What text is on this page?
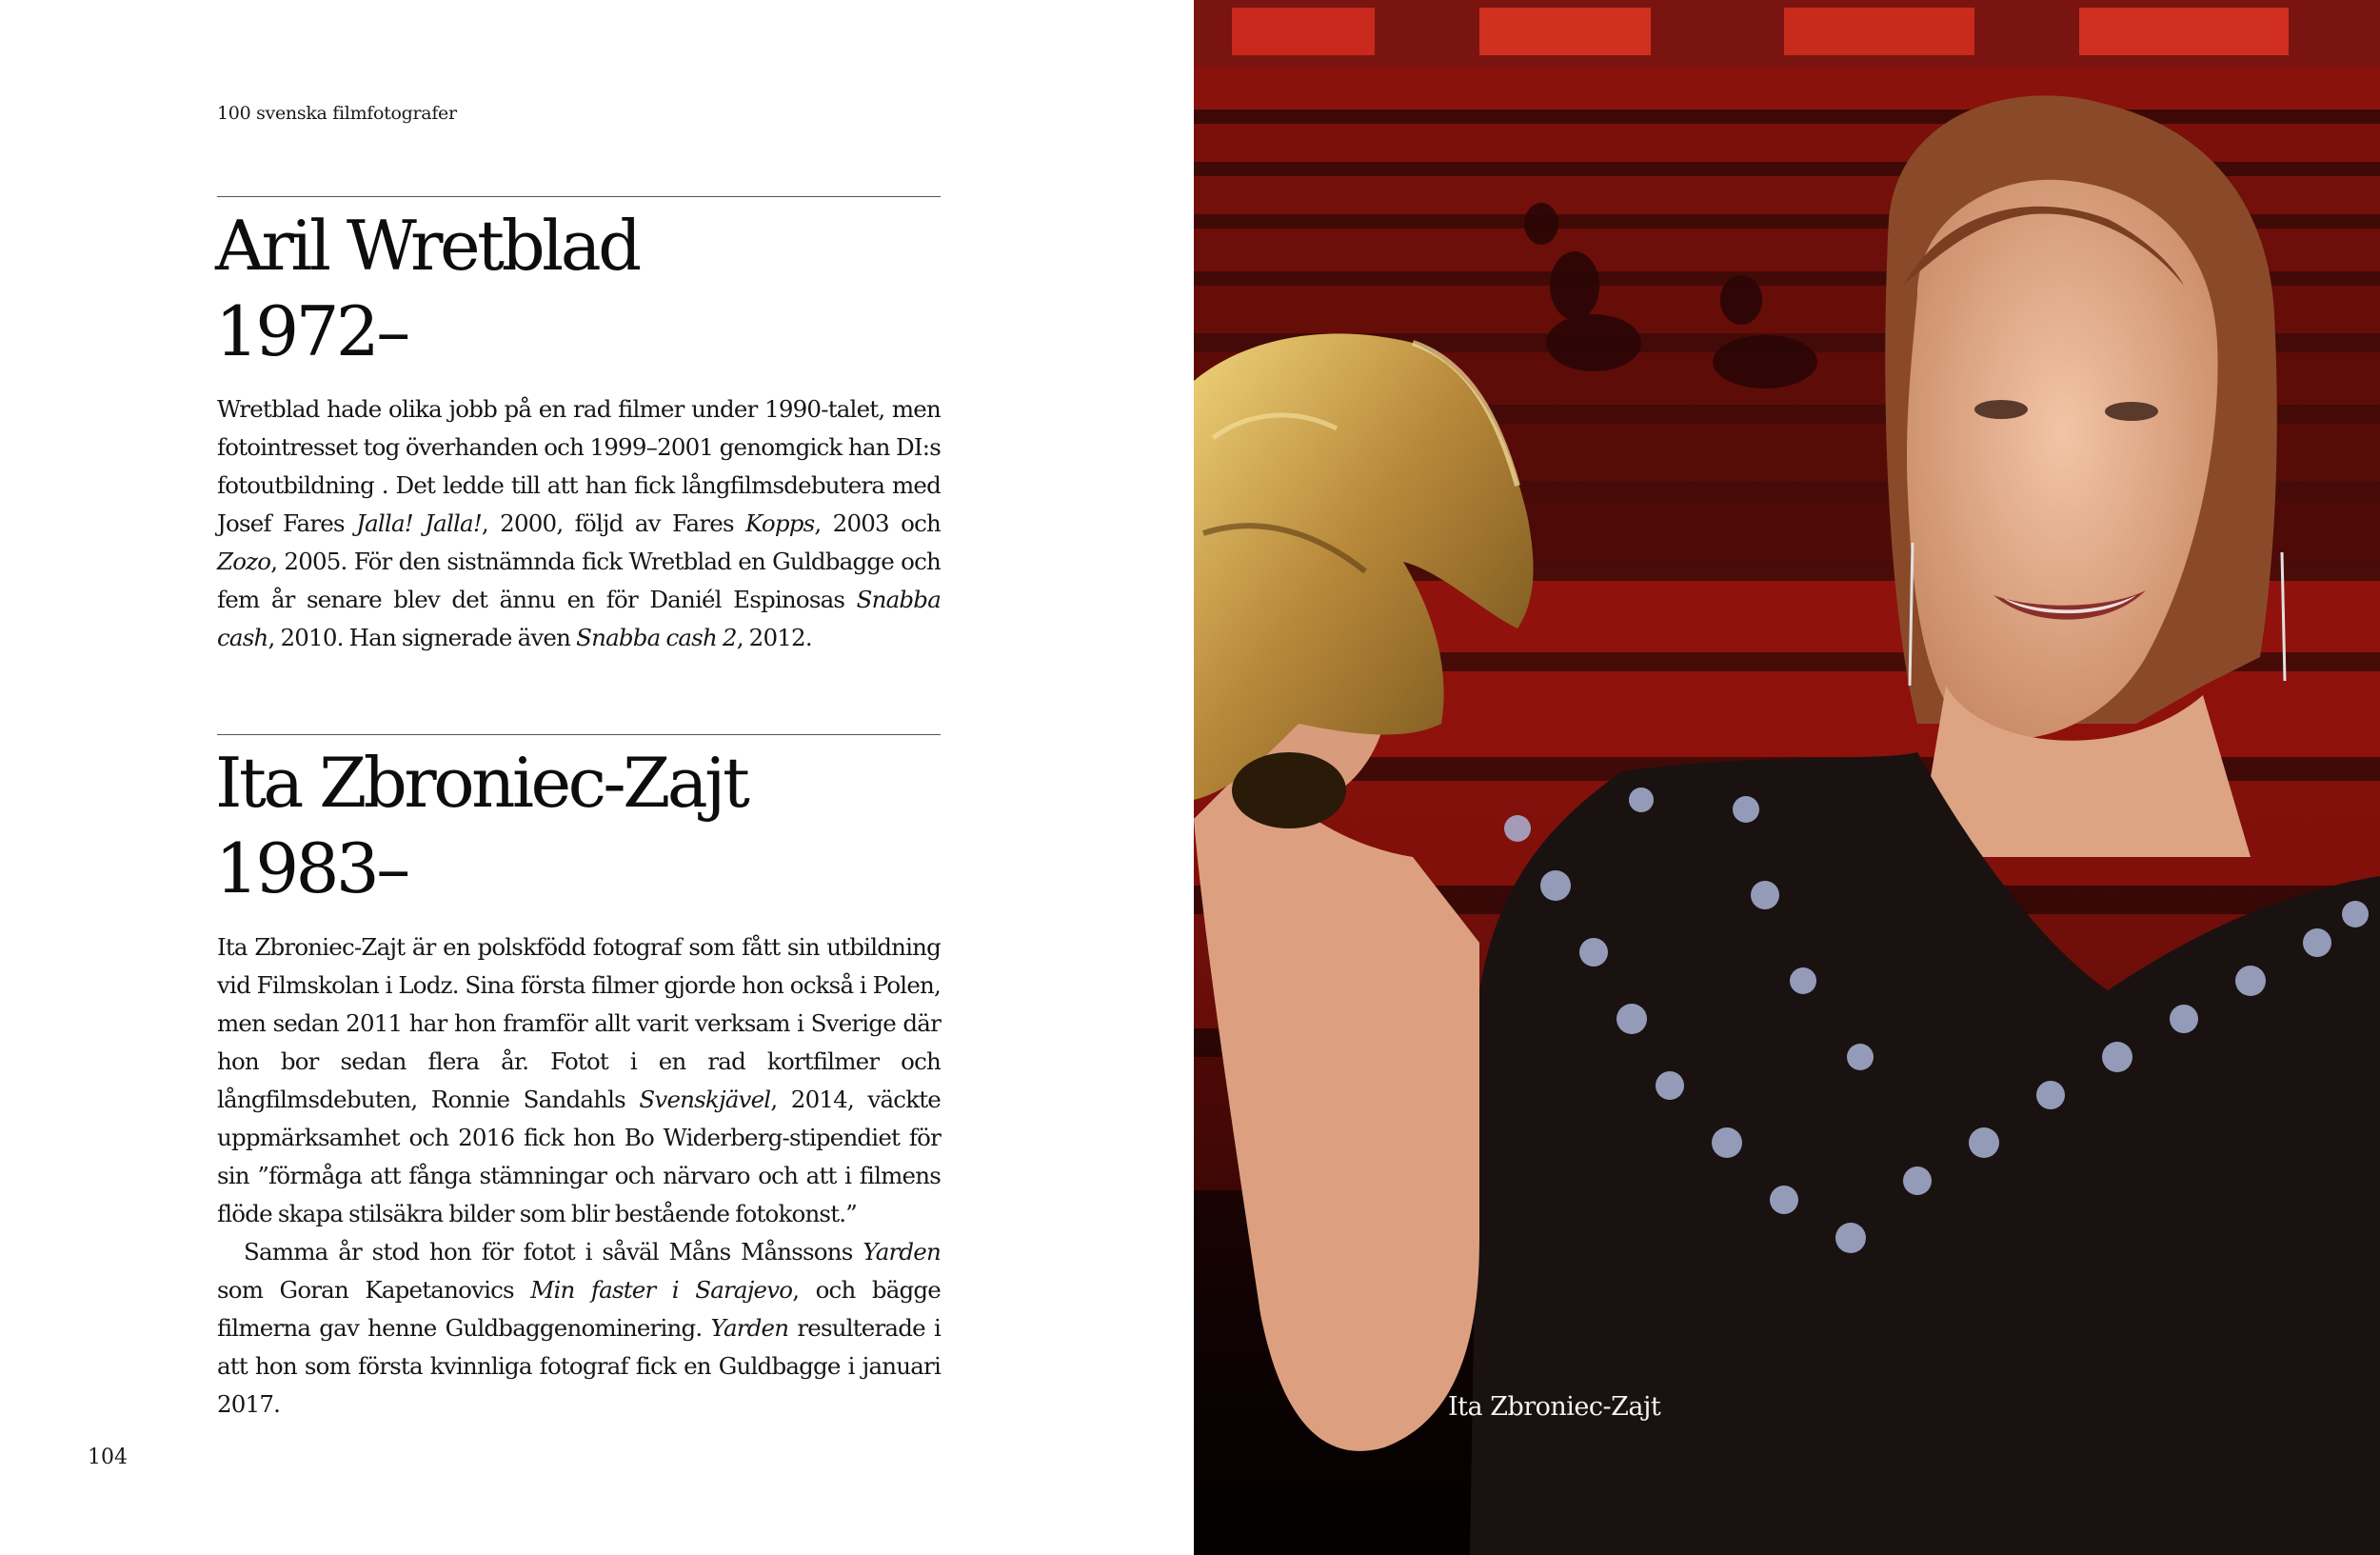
100 svenska filmfotografer
Aril Wretblad
1972–

Wretblad hade olika jobb på en rad filmer under 1990-talet, men fotointresset tog överhanden och 1999–2001 genomgick han DI:s fotoutbildning . Det ledde till att han fick långfilmsdebutera med Josef Fares Jalla! Jalla!, 2000, följd av Fares Kopps, 2003 och Zozo, 2005. För den sistnämnda fick Wretblad en Guldbagge och fem år senare blev det ännu en för Daniél Espinosas Snabba cash, 2010. Han signerade även Snabba cash 2, 2012.

Ita Zbroniec-Zajt
1983–

Ita Zbroniec-Zajt är en polskfödd fotograf som fått sin utbildning vid Filmskolan i Lodz. Sina första filmer gjorde hon också i Polen, men sedan 2011 har hon framför allt varit verksam i Sverige där hon bor sedan flera år. Fotot i en rad kortfilmer och långfilmsdebuten, Ronnie Sandahls Svenskjävel, 2014, väckte uppmärksamhet och 2016 fick hon Bo Widerberg-stipendiet för sin ”förmåga att fånga stämningar och närvaro och att i filmens flöde skapa stilsäkra bilder som blir bestående fotokonst.”

Samma år stod hon för fotot i såväl Måns Månssons Yarden som Goran Kapetanovics Min faster i Sarajevo, och bägge filmerna gav henne Guldbaggenominering. Yarden resulterade i att hon som första kvinnliga fotograf fick en Guldbagge i januari 2017.

104
Ita Zbroniec-Zajt
